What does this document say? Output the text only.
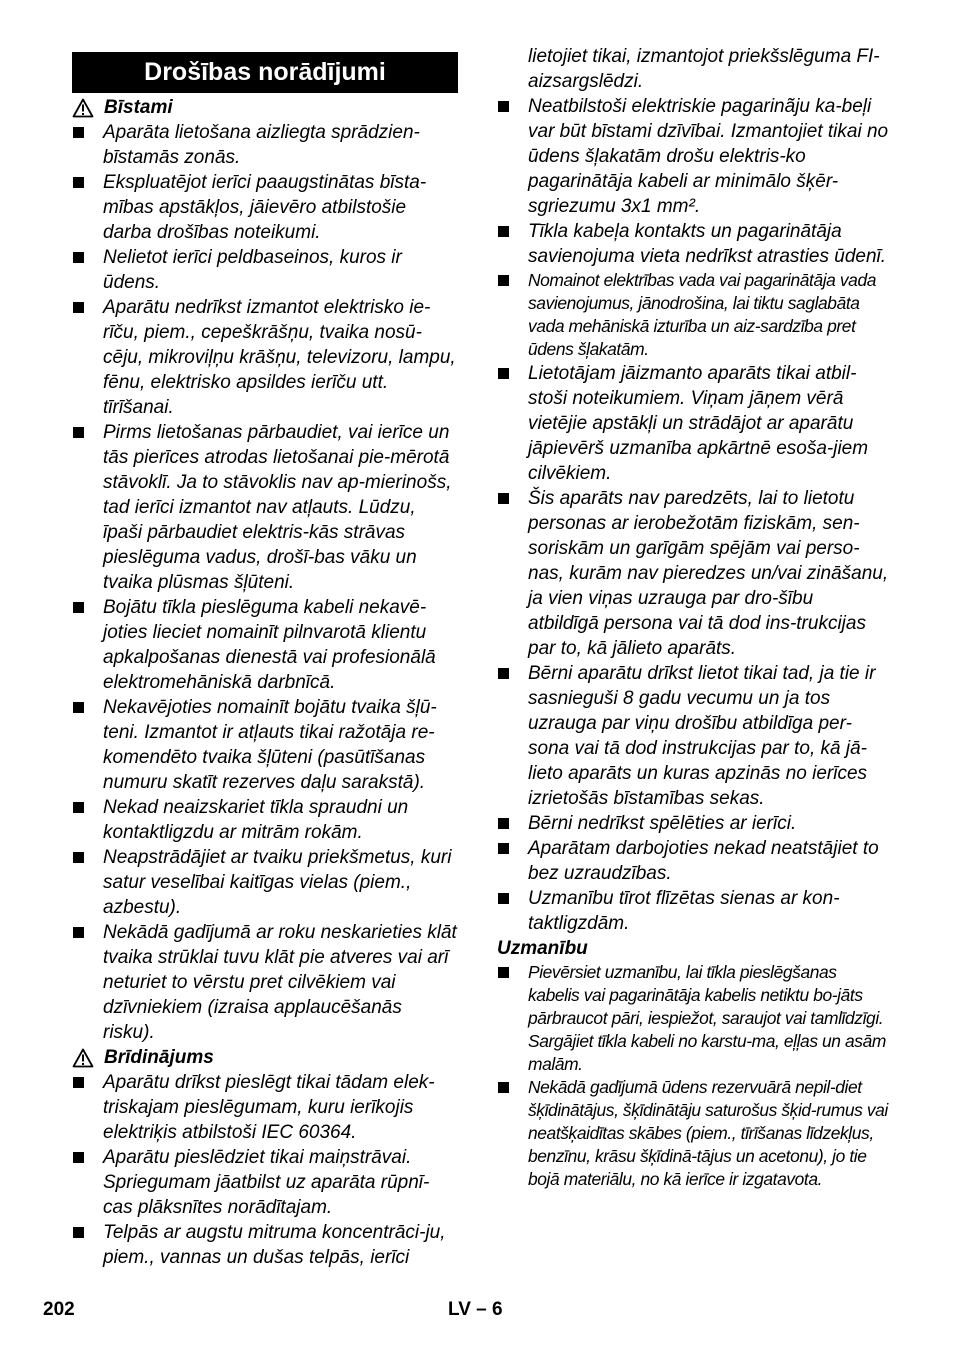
Drošības norādījumi
Bīstami
Aparāta lietošana aizliegta sprādzien-bīstamās zonās.
Ekspluatējot ierīci paaugstinātas bīsta-mības apstākļos, jāievēro atbilstošie darba drošības noteikumi.
Nelietot ierīci peldbaseinos, kuros ir ūdens.
Aparātu nedrīkst izmantot elektrisko ie-rīču, piem., cepeškrāšņu, tvaika nosū-cēju, mikroviļņu krāšņu, televizoru, lampu, fēnu, elektrisko apsildes ierīču utt. tīrīšanai.
Pirms lietošanas pārbaudiet, vai ierīce un tās pierīces atrodas lietošanai pie-mērotā stāvoklī. Ja to stāvoklis nav ap-mierinošs, tad ierīci izmantot nav atļauts. Lūdzu, īpaši pārbaudiet elektris-kās strāvas pieslēguma vadus, drošī-bas vāku un tvaika plūsmas šļūteni.
Bojātu tīkla pieslēguma kabeli nekavē-joties lieciet nomainīt pilnvarotā klientu apkalpošanas dienestā vai profesionālā elektromehāniskā darbnīcā.
Nekavējoties nomainīt bojātu tvaika šļū-teni. Izmantot ir atļauts tikai ražotāja re-komendēto tvaika šļūteni (pasūtīšanas numuru skatīt rezerves daļu sarakstā).
Nekad neaizskariet tīkla spraudni un kontaktligzdu ar mitrām rokām.
Neapstrādājiet ar tvaiku priekšmetus, kuri satur veselībai kaitīgas vielas (piem., azbestu).
Nekādā gadījumā ar roku neskarieties klāt tvaika strūklai tuvu klāt pie atveres vai arī neturiet to vērstu pret cilvēkiem vai dzīvniekiem (izraisa applaucēšanās risku).
Brīdinājums
Aparātu drīkst pieslēgt tikai tādam elek-triskajam pieslēgumam, kuru ierīkojis elektriķis atbilstoši IEC 60364.
Aparātu pieslēdziet tikai maiņstrāvai. Spriegumam jāatbilst uz aparāta rūpnī-cas plāksnītes norādītajam.
Telpās ar augstu mitruma koncentrāci-ju, piem., vannas un dušas telpās, ierīci
lietojiet tikai, izmantojot priekšslēguma FI-aizsargslēdzi.
Neatbilstoši elektriskie pagarinãju ka-beļi var būt bīstami dzīvībai. Izmantojiet tikai no ūdens šļakatām drošu elektris-ko pagarinātāja kabeli ar minimālo šķēr-sgriezumu 3x1 mm².
Tīkla kabeļa kontakts un pagarinātāja savienojuma vieta nedrīkst atrasties ūdenī.
Nomainot elektrības vada vai pagarinātāja vada savienojumus, jānodrošina, lai tiktu saglabāta vada mehāniskā izturība un aiz-sardzība pret ūdens šļakatām.
Lietotājam jāizmanto aparāts tikai atbil-stoši noteikumiem. Viņam jāņem vērā vietējie apstākļi un strādājot ar aparātu jāpievērš uzmanība apkārtnē esoša-jiem cilvēkiem.
Šis aparāts nav paredzēts, lai to lietotu personas ar ierobežotām fiziskām, sen-soriskām un garīgām spējām vai perso-nas, kurām nav pieredzes un/vai zināšanu, ja vien viņas uzrauga par dro-šību atbildīgā persona vai tā dod ins-trukcijas par to, kā jālieto aparāts.
Bērni aparātu drīkst lietot tikai tad, ja tie ir sasnieguši 8 gadu vecumu un ja tos uzrauga par viņu drošību atbildīga per-sona vai tā dod instrukcijas par to, kā jā-lieto aparāts un kuras apzinās no ierīces izrietošās bīstamības sekas.
Bērni nedrīkst spēlēties ar ierīci.
Aparātam darbojoties nekad neatstājiet to bez uzraudzības.
Uzmanību tīrot flīzētas sienas ar kon-taktligzdām.
Uzmanību
Pievērsiet uzmanību, lai tīkla pieslēgšanas kabelis vai pagarinātāja kabelis netiktu bo-jāts pārbraucot pāri, iespiežot, saraujot vai tamlīdzīgi. Sargājiet tīkla kabeli no karstu-ma, eļļas un asām malām.
Nekādā gadījumā ūdens rezervuārā nepil-diet šķīdinātājus, šķīdinātāju saturošus šķid-rumus vai neatšķaidītas skābes (piem., tīrīšanas līdzekļus, benzīnu, krāsu šķīdinā-tājus un acetonu), jo tie bojā materiālu, no kā ierīce ir izgatavota.
202	LV – 6
